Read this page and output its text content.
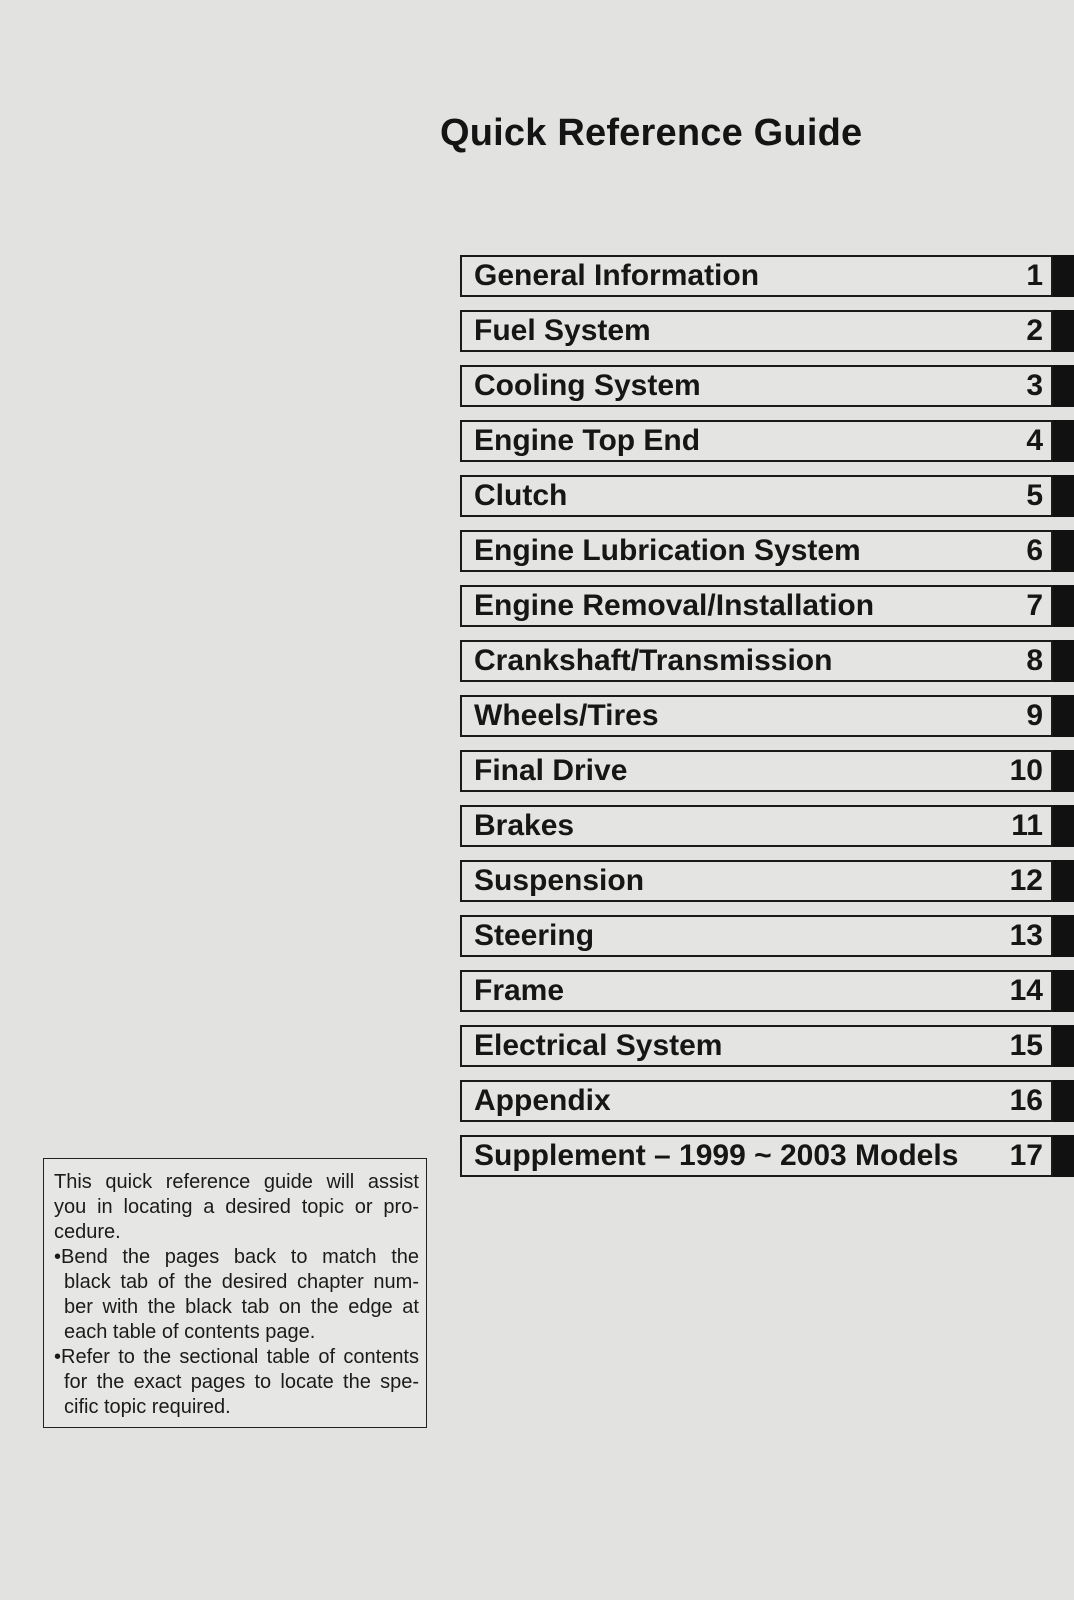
Quick Reference Guide
General Information	1
Fuel System	2
Cooling System	3
Engine Top End	4
Clutch	5
Engine Lubrication System	6
Engine Removal/Installation	7
Crankshaft/Transmission	8
Wheels/Tires	9
Final Drive	10
Brakes	11
Suspension	12
Steering	13
Frame	14
Electrical System	15
Appendix	16
Supplement – 1999 ~ 2003 Models 17
This quick reference guide will assist
you in locating a desired topic or pro-
cedure.
•Bend the pages back to match the
black tab of the desired chapter num-
ber with the black tab on the edge at
each table of contents page.
•Refer to the sectional table of contents
for the exact pages to locate the spe-
cific topic required.
